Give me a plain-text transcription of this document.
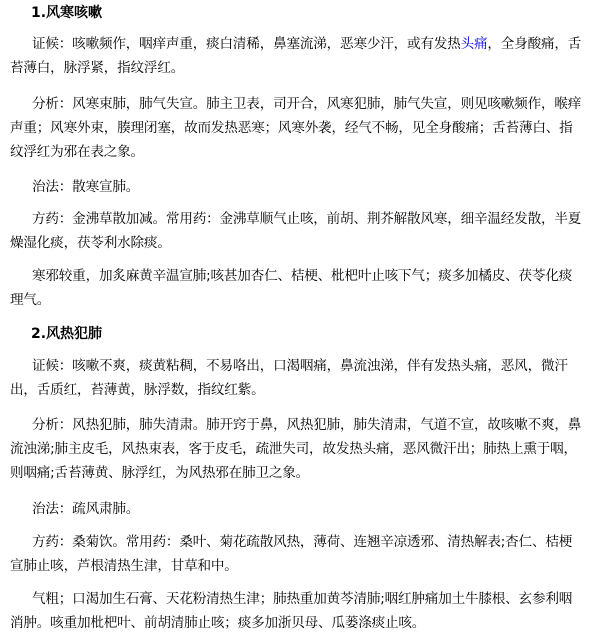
1.风寒咳嗽

证候：咳嗽频作，咽痒声重，痰白清稀，鼻塞流涕，恶寒少汗，或有发热头痛，全身酸痛，舌苔薄白，脉浮紧，指纹浮红。

分析：风寒束肺，肺气失宣。肺主卫表，司开合，风寒犯肺，肺气失宣，则见咳嗽频作，喉痒声重；风寒外束，腠理闭塞，故而发热恶寒；风寒外袭，经气不畅，见全身酸痛；舌苔薄白、指纹浮红为邪在表之象。

治法：散寒宣肺。

方药：金沸草散加减。常用药：金沸草顺气止咳，前胡、荆芥解散风寒，细辛温经发散，半夏燥湿化痰，茯苓利水除痰。

寒邪较重，加炙麻黄辛温宣肺;咳甚加杏仁、桔梗、枇杷叶止咳下气；痰多加橘皮、茯苓化痰理气。

2.风热犯肺

证候：咳嗽不爽，痰黄粘稠，不易咯出，口渴咽痛，鼻流浊涕，伴有发热头痛，恶风，微汗出，舌质红，苔薄黄，脉浮数，指纹红紫。

分析：风热犯肺，肺失清肃。肺开窍于鼻，风热犯肺，肺失清肃，气道不宣，故咳嗽不爽，鼻流浊涕;肺主皮毛，风热束表，客于皮毛，疏泄失司，故发热头痛，恶风微汗出；肺热上熏于咽，则咽痛;舌苔薄黄、脉浮红，为风热邪在肺卫之象。

治法：疏风肃肺。

方药：桑菊饮。常用药：桑叶、菊花疏散风热，薄荷、连翘辛凉透邪、清热解表;杏仁、桔梗宣肺止咳，芦根清热生津，甘草和中。

气粗；口渴加生石膏、天花粉清热生津；肺热重加黄芩清肺;咽红肿痛加土牛膝根、玄参利咽消肿。咳重加枇杷叶、前胡清肺止咳；痰多加浙贝母、瓜蒌涤痰止咳。
